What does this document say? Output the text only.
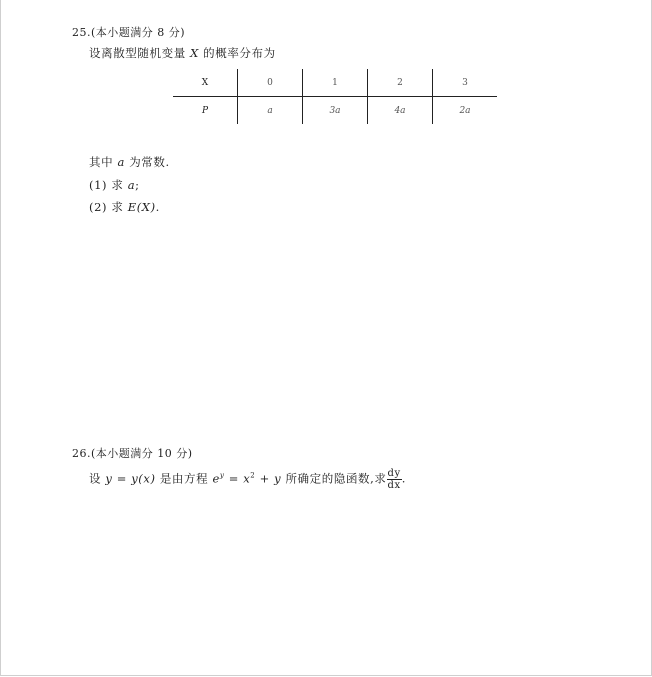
25.(本小题满分 8 分)
设离散型随机变量 X 的概率分布为
X	0	1	2	3
P	a	3a	4a	2a
其中 a 为常数.
(1) 求 a;
(2) 求 E(X).
26.(本小题满分 10 分)
设 y = y(x) 是由方程 $e^y = x^2 + y$ 所确定的隐函数,求 $\frac{dy}{dx}$ .
